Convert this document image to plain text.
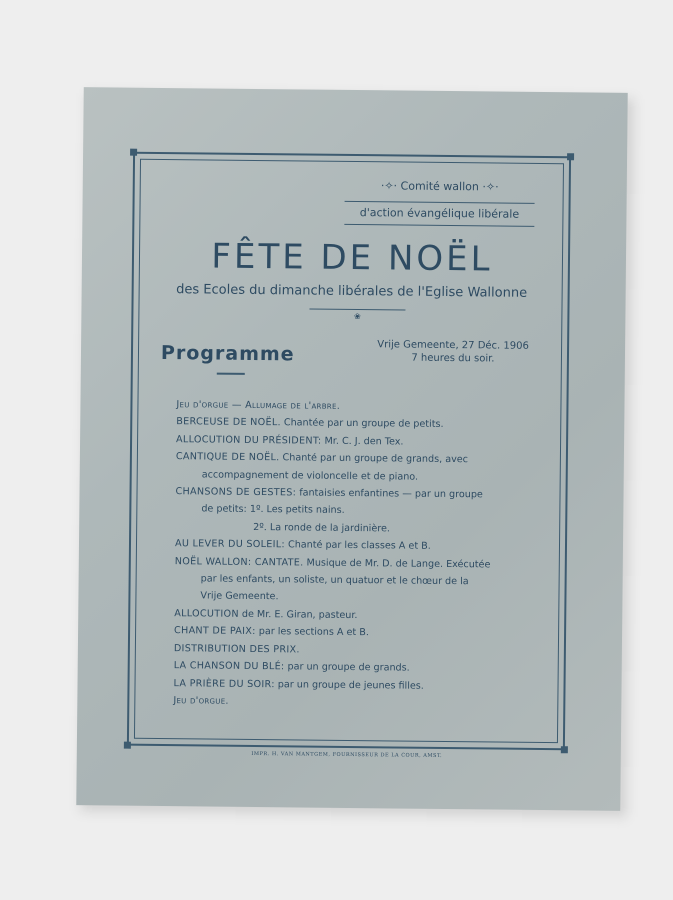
·✧· Comité wallon ·✧·
d'action évangélique libérale
FÊTE DE NOËL
des Ecoles du dimanche libérales de l'Eglise Wallonne
❀
Programme	Vrije Gemeente, 27 Déc. 1906
7 heures du soir.
Jeu d'orgue — Allumage de l'arbre.
BERCEUSE DE NOËL. Chantée par un groupe de petits.
ALLOCUTION DU PRÉSIDENT: Mr. C. J. den Tex.
CANTIQUE DE NOËL. Chanté par un groupe de grands, avec
accompagnement de violoncelle et de piano.
CHANSONS DE GESTES: fantaisies enfantines — par un groupe
de petits: 1º. Les petits nains.
2º. La ronde de la jardinière.
AU LEVER DU SOLEIL: Chanté par les classes A et B.
NOËL WALLON: CANTATE. Musique de Mr. D. de Lange. Exécutée
par les enfants, un soliste, un quatuor et le chœur de la
Vrije Gemeente.
ALLOCUTION de Mr. E. Giran, pasteur.
CHANT DE PAIX: par les sections A et B.
DISTRIBUTION DES PRIX.
LA CHANSON DU BLÉ: par un groupe de grands.
LA PRIÈRE DU SOIR: par un groupe de jeunes filles.
Jeu d'orgue.
IMPR. H. VAN MANTGEM, FOURNISSEUR DE LA COUR, AMST.
